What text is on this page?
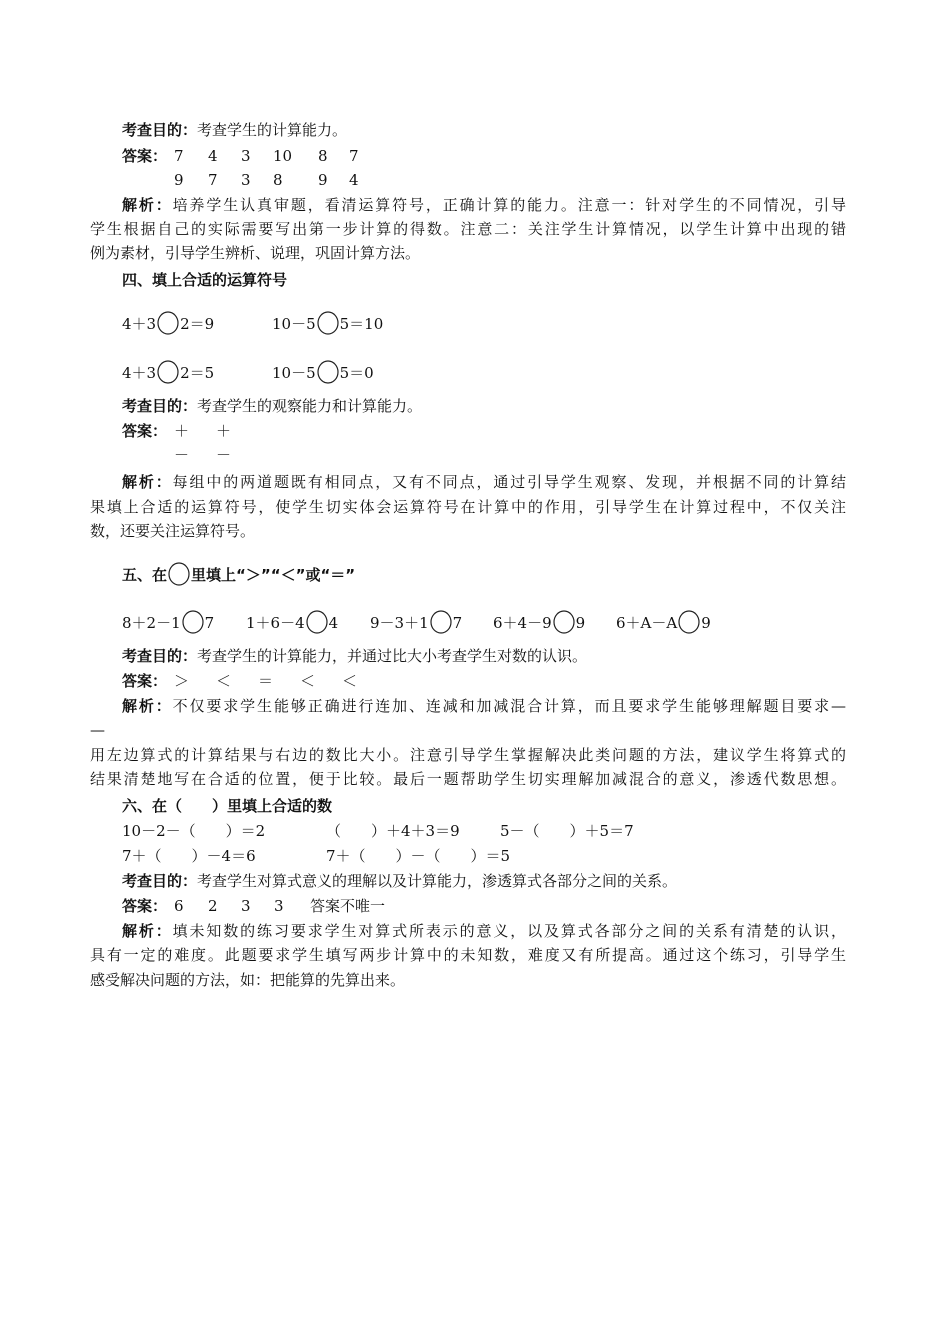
考查目的：考查学生的计算能力。
答案： 7 4 3 10 8 7
9 7 3 8 9 4
解析：培养学生认真审题，看清运算符号，正确计算的能力。注意一：针对学生的不同情况，引导
学生根据自己的实际需要写出第一步计算的得数。注意二：关注学生计算情况，以学生计算中出现的错
例为素材，引导学生辨析、说理，巩固计算方法。
四、填上合适的运算符号
4＋3 2＝9	10－5 5＝10
4＋3 2＝5	10－5 5＝0
考查目的：考查学生的观察能力和计算能力。
答案： ＋ ＋
－ －
解析：每组中的两道题既有相同点，又有不同点，通过引导学生观察、发现，并根据不同的计算结
果填上合适的运算符号，使学生切实体会运算符号在计算中的作用，引导学生在计算过程中，不仅关注
数，还要关注运算符号。
五、在 里填上“＞”“＜”或“＝”
8＋2－1 7 1＋6－4 4 9－3＋1 7 6＋4－9 9 6＋A－A 9
考查目的：考查学生的计算能力，并通过比大小考查学生对数的认识。
答案： ＞ ＜ ＝ ＜ ＜
解析：不仅要求学生能够正确进行连加、连减和加减混合计算，而且要求学生能够理解题目要求—
—
用左边算式的计算结果与右边的数比大小。注意引导学生掌握解决此类问题的方法，建议学生将算式的
结果清楚地写在合适的位置，便于比较。最后一题帮助学生切实理解加减混合的意义，渗透代数思想。
六、在（　　）里填上合适的数
10－2－（　　）＝2	（　　）＋4＋3＝9	5－（　　）＋5＝7
7＋（　　）－4＝6	7＋（　　）－（　　）＝5
考查目的：考查学生对算式意义的理解以及计算能力，渗透算式各部分之间的关系。
答案： 6 2 3 3 答案不唯一
解析：填未知数的练习要求学生对算式所表示的意义，以及算式各部分之间的关系有清楚的认识，
具有一定的难度。此题要求学生填写两步计算中的未知数，难度又有所提高。通过这个练习，引导学生
感受解决问题的方法，如：把能算的先算出来。
